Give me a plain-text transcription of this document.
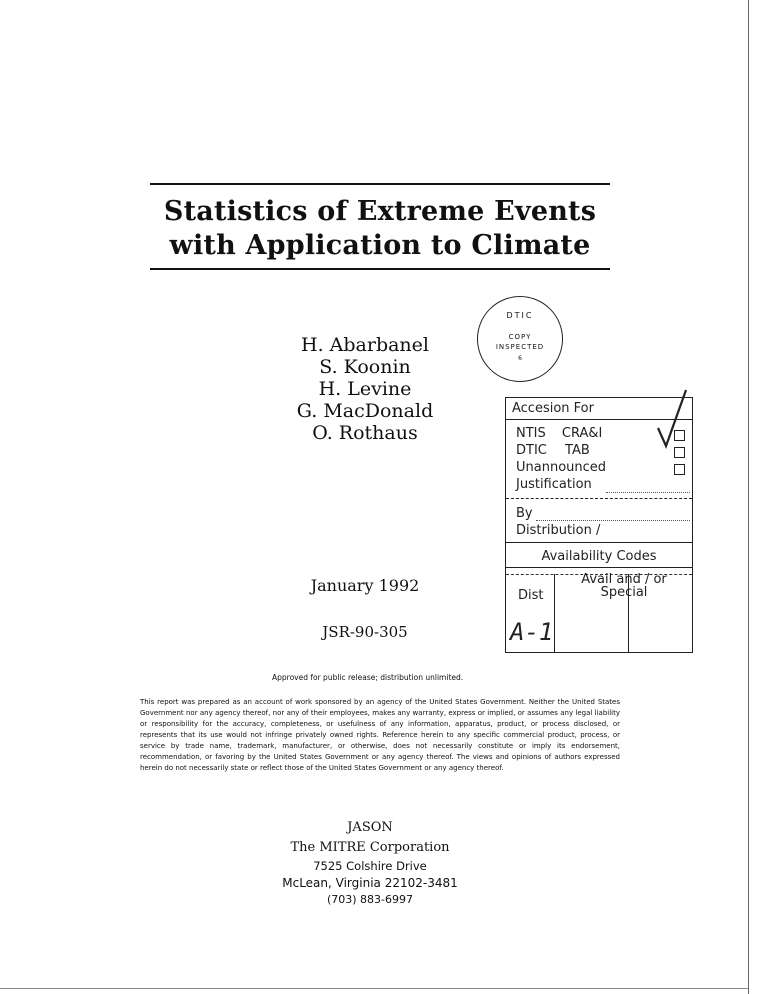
Statistics of Extreme Events
with Application to Climate
H. Abarbanel
S. Koonin
H. Levine
G. MacDonald
O. Rothaus
DTIC
COPY
INSPECTED
6
Accesion For
NTIS CRA&I
DTIC TAB
Unannounced
Justification
By
Distribution /
Availability Codes
Dist
Avail and / or
Special
A-1
January 1992
JSR-90-305
Approved for public release; distribution unlimited.
This report was prepared as an account of work sponsored by an agency of the United States Government. Neither the United States Government nor any agency thereof, nor any of their employees, makes any warranty, express or implied, or assumes any legal liability or responsibility for the accuracy, completeness, or usefulness of any information, apparatus, product, or process disclosed, or represents that its use would not infringe privately owned rights. Reference herein to any specific commercial product, process, or service by trade name, trademark, manufacturer, or otherwise, does not necessarily constitute or imply its endorsement, recommendation, or favoring by the United States Government or any agency thereof. The views and opinions of authors expressed herein do not necessarily state or reflect those of the United States Government or any agency thereof.
JASON
The MITRE Corporation
7525 Colshire Drive
McLean, Virginia 22102-3481
(703) 883-6997
